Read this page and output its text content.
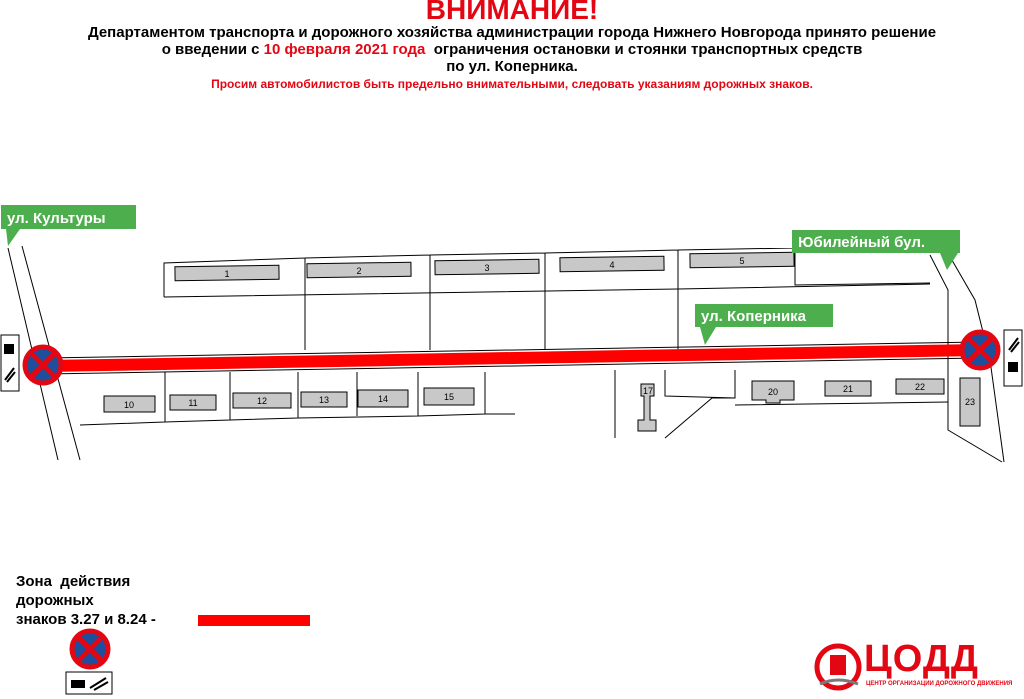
ВНИМАНИЕ!
Департаментом транспорта и дорожного хозяйства администрации города Нижнего Новгорода принято решение
о введении с 10 февраля 2021 года  ограничения остановки и стоянки транспортных средств
по ул. Коперника.
Просим автомобилистов быть предельно внимательными, следовать указаниям дорожных знаков.
1	2	3	4	5
10	11	12	13	14	15
17	20	21	22
23
ул. Культуры
Юбилейный бул.
ул. Коперника
Зона  действия
дорожных
знаков 3.27 и 8.24 -
ЦОДД
ЦЕНТР ОРГАНИЗАЦИИ ДОРОЖНОГО ДВИЖЕНИЯ
